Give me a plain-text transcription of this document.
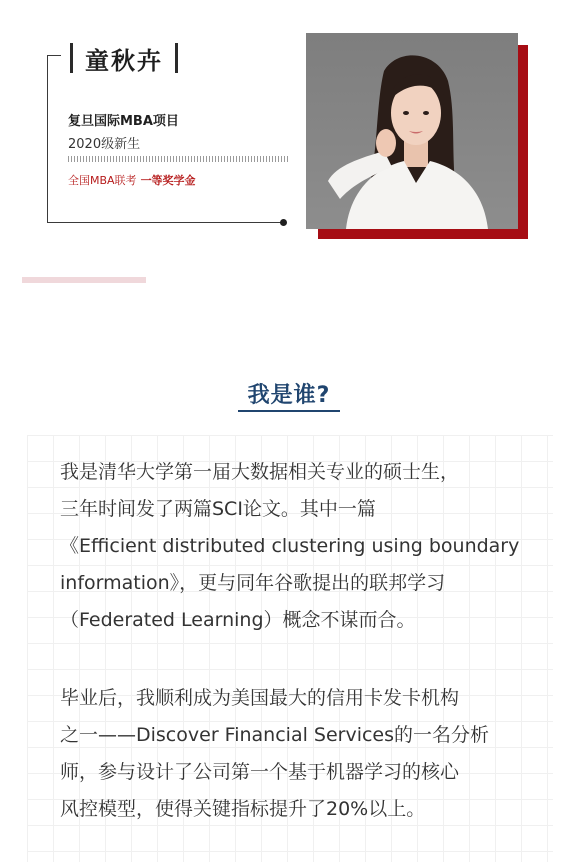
童秋卉
复旦国际MBA项目
2020级新生
全国MBA联考 一等奖学金
我是谁?
我是清华大学第一届大数据相关专业的硕士生，
三年时间发了两篇SCI论文。其中一篇
《Efficient distributed clustering using boundary
information》，更与同年谷歌提出的联邦学习
（Federated Learning）概念不谋而合。
毕业后，我顺利成为美国最大的信用卡发卡机构
之一——Discover Financial Services的一名分析
师，参与设计了公司第一个基于机器学习的核心
风控模型，使得关键指标提升了20%以上。
